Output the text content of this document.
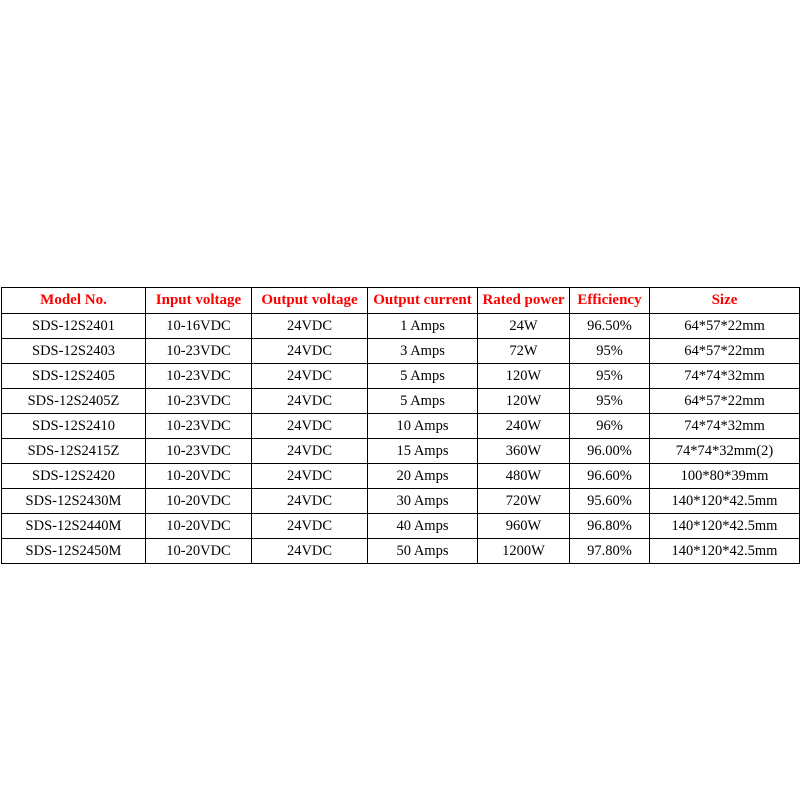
Model No.	Input voltage	Output voltage	Output current	Rated power	Efficiency	Size
SDS-12S2401	10-16VDC	24VDC	1 Amps	24W	96.50%	64*57*22mm
SDS-12S2403	10-23VDC	24VDC	3 Amps	72W	95%	64*57*22mm
SDS-12S2405	10-23VDC	24VDC	5 Amps	120W	95%	74*74*32mm
SDS-12S2405Z	10-23VDC	24VDC	5 Amps	120W	95%	64*57*22mm
SDS-12S2410	10-23VDC	24VDC	10 Amps	240W	96%	74*74*32mm
SDS-12S2415Z	10-23VDC	24VDC	15 Amps	360W	96.00%	74*74*32mm(2)
SDS-12S2420	10-20VDC	24VDC	20 Amps	480W	96.60%	100*80*39mm
SDS-12S2430M	10-20VDC	24VDC	30 Amps	720W	95.60%	140*120*42.5mm
SDS-12S2440M	10-20VDC	24VDC	40 Amps	960W	96.80%	140*120*42.5mm
SDS-12S2450M	10-20VDC	24VDC	50 Amps	1200W	97.80%	140*120*42.5mm
